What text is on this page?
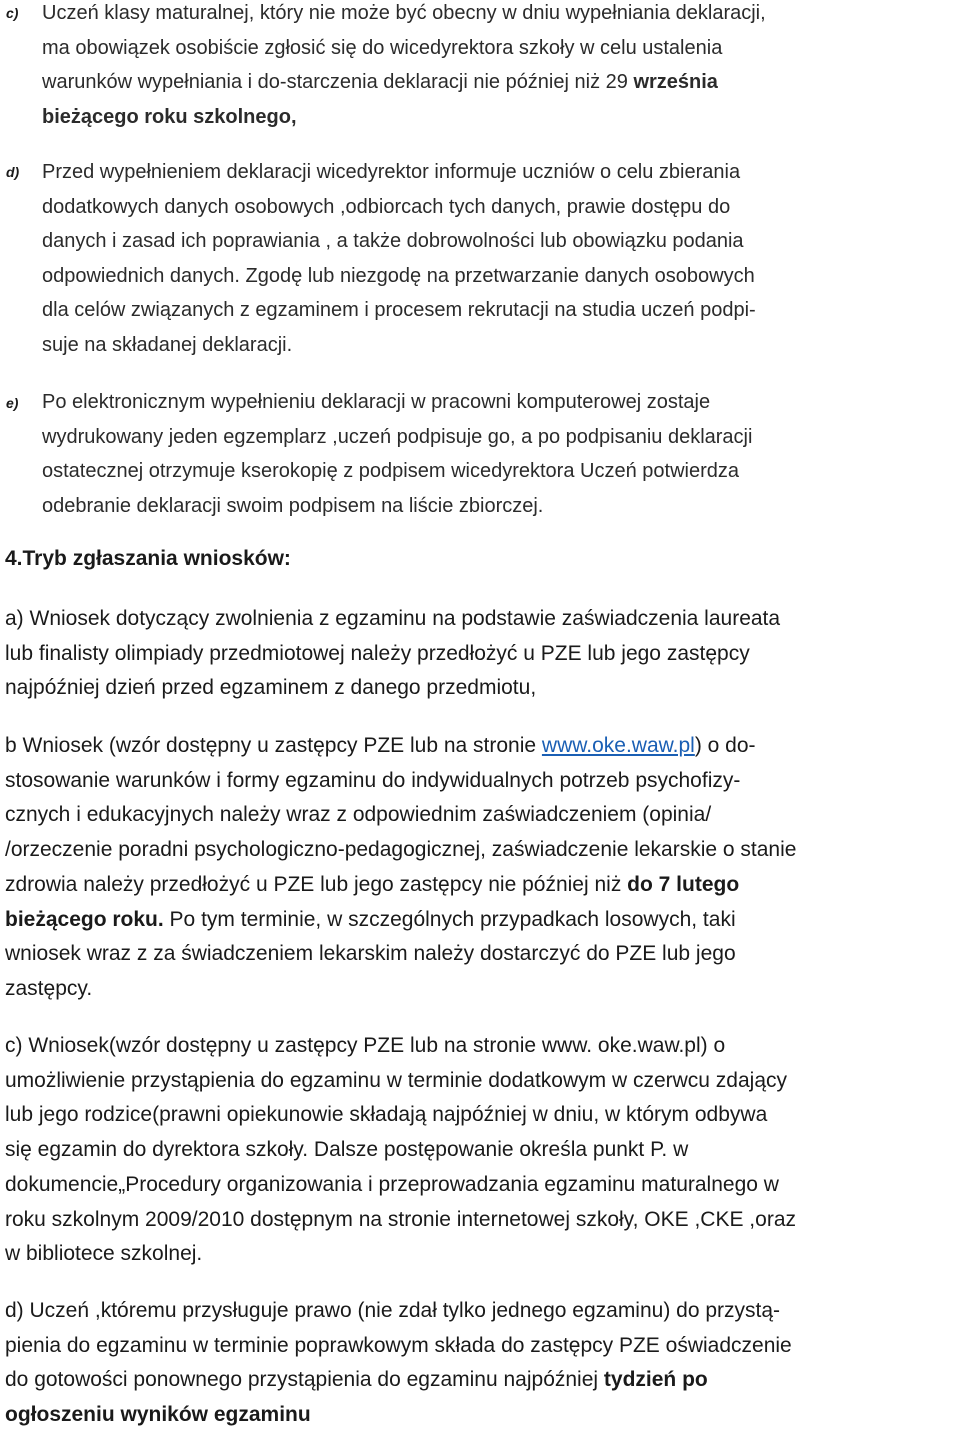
c) Uczeń klasy maturalnej, który nie może być obecny w dniu wypełniania deklaracji,
ma obowiązek osobiście zgłosić się do wicedyrektora szkoły w celu ustalenia
warunków wypełniania i do-starczenia deklaracji nie później niż 29 września
bieżącego roku szkolnego,
d) Przed wypełnieniem deklaracji wicedyrektor informuje uczniów o celu zbierania
dodatkowych danych osobowych ,odbiorcach tych danych, prawie dostępu do
danych i zasad ich poprawiania , a także dobrowolności lub obowiązku podania
odpowiednich danych. Zgodę lub niezgodę na przetwarzanie danych osobowych
dla celów związanych z egzaminem i procesem rekrutacji na studia uczeń podpi-
suje na składanej deklaracji.
e) Po elektronicznym wypełnieniu deklaracji w pracowni komputerowej zostaje
wydrukowany jeden egzemplarz ,uczeń podpisuje go, a po podpisaniu deklaracji
ostatecznej otrzymuje kserokopię z podpisem wicedyrektora Uczeń potwierdza
odebranie deklaracji swoim podpisem na liście zbiorczej.
4.Tryb zgłaszania wniosków:
a) Wniosek dotyczący zwolnienia z egzaminu na podstawie zaświadczenia laureata
lub finalisty olimpiady przedmiotowej należy przedłożyć u PZE lub jego zastępcy
najpóźniej dzień przed egzaminem z danego przedmiotu,
b Wniosek (wzór dostępny u zastępcy PZE lub na stronie www.oke.waw.pl) o do-
stosowanie warunków i formy egzaminu do indywidualnych potrzeb psychofizy-
cznych i edukacyjnych należy wraz z odpowiednim zaświadczeniem (opinia/
/orzeczenie poradni psychologiczno-pedagogicznej, zaświadczenie lekarskie o stanie
zdrowia należy przedłożyć u PZE lub jego zastępcy nie później niż do 7 lutego
bieżącego roku. Po tym terminie, w szczególnych przypadkach losowych, taki
wniosek wraz z za świadczeniem lekarskim należy dostarczyć do PZE lub jego
zastępcy.
c) Wniosek(wzór dostępny u zastępcy PZE lub na stronie www. oke.waw.pl) o
umożliwienie przystąpienia do egzaminu w terminie dodatkowym w czerwcu zdający
lub jego rodzice(prawni opiekunowie składają najpóźniej w dniu, w którym odbywa
się egzamin do dyrektora szkoły. Dalsze postępowanie określa punkt P. w
dokumencie„Procedury organizowania i przeprowadzania egzaminu maturalnego w
roku szkolnym 2009/2010 dostępnym na stronie internetowej szkoły, OKE ,CKE ,oraz
w bibliotece szkolnej.
d) Uczeń ,któremu przysługuje prawo (nie zdał tylko jednego egzaminu) do przystą-
pienia do egzaminu w terminie poprawkowym składa do zastępcy PZE oświadczenie
do gotowości ponownego przystąpienia do egzaminu najpóźniej tydzień po
ogłoszeniu wyników egzaminu
